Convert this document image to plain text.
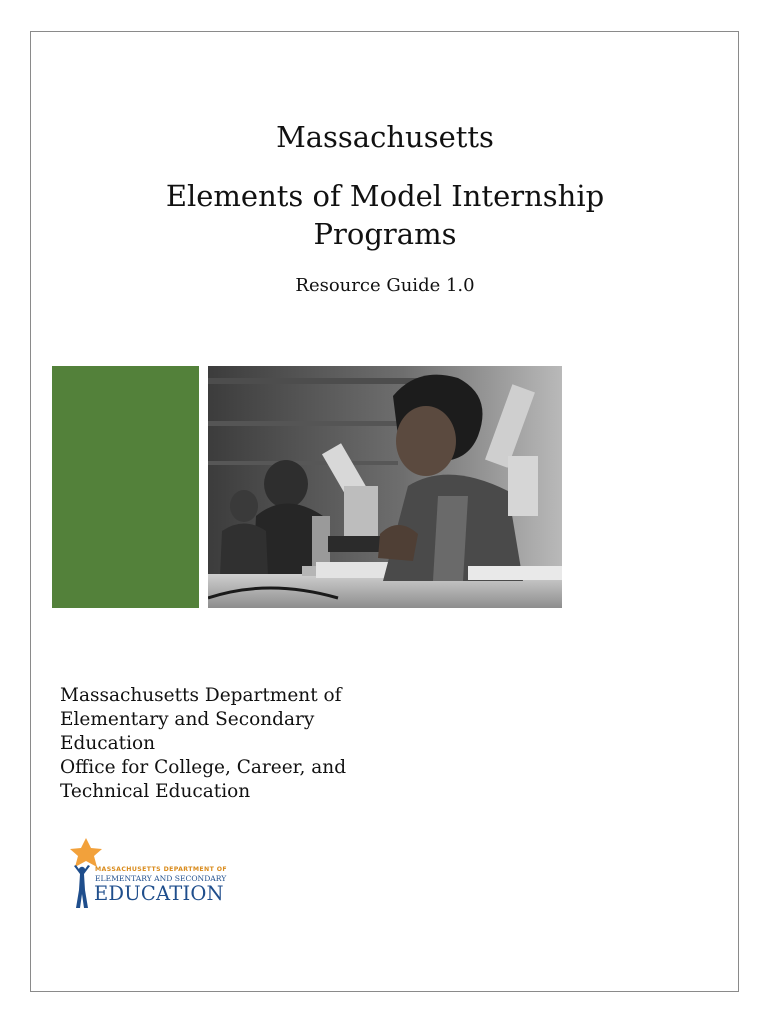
Massachusetts
Elements of Model Internship
Programs
Resource Guide 1.0
Massachusetts Department of
Elementary and Secondary
Education
Office for College, Career, and
Technical Education
MASSACHUSETTS DEPARTMENT OF
ELEMENTARY AND SECONDARY
EDUCATION
